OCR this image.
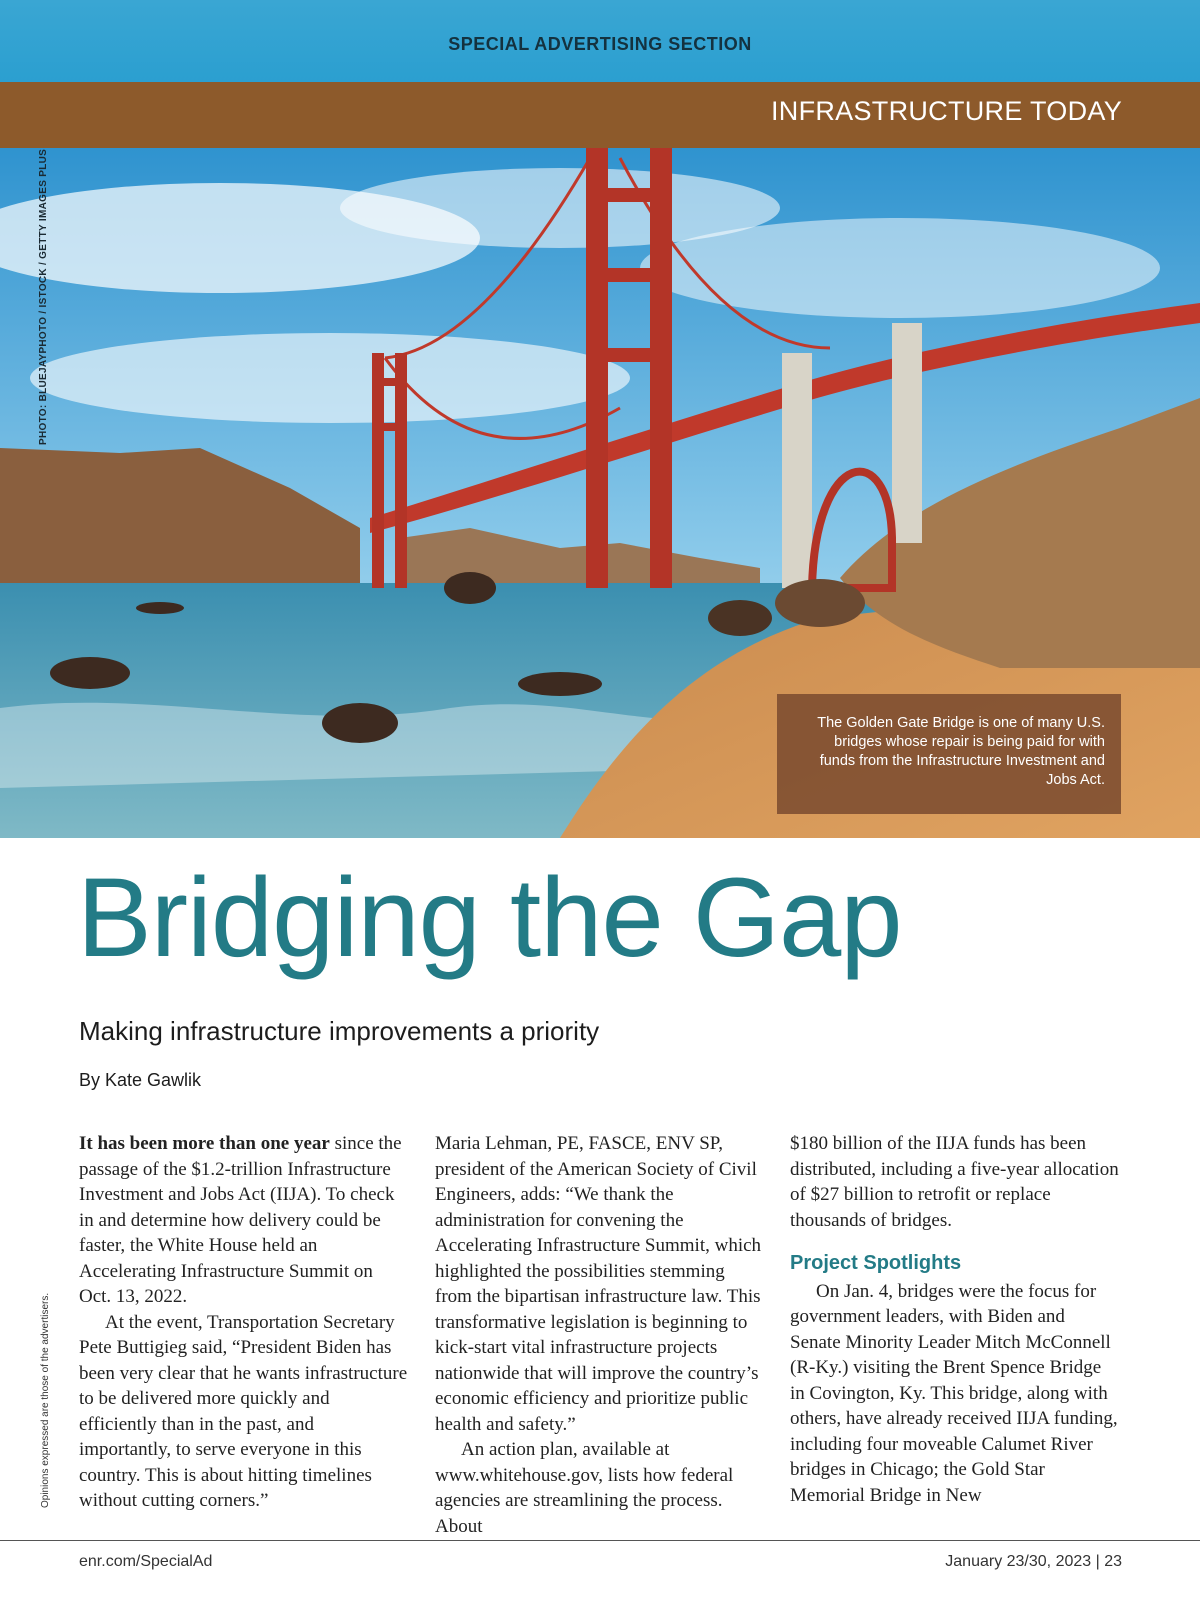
SPECIAL ADVERTISING SECTION
INFRASTRUCTURE TODAY
PHOTO: BLUEJAYPHOTO / ISTOCK / GETTY IMAGES PLUS
The Golden Gate Bridge is one of many U.S. bridges whose repair is being paid for with funds from the Infrastructure Investment and Jobs Act.
Bridging the Gap
Making infrastructure improvements a priority
By Kate Gawlik

It has been more than one year since the passage of the $1.2-trillion Infrastructure Investment and Jobs Act (IIJA). To check in and determine how delivery could be faster, the White House held an Accelerating Infrastructure Summit on Oct. 13, 2022.

At the event, Transportation Secretary Pete Buttigieg said, “President Biden has been very clear that he wants infrastructure to be delivered more quickly and efficiently than in the past, and importantly, to serve everyone in this country. This is about hitting timelines without cutting corners.”

Maria Lehman, PE, FASCE, ENV SP, president of the American Society of Civil Engineers, adds: “We thank the administration for convening the Accelerating Infrastructure Summit, which highlighted the possibilities stemming from the bipartisan infrastructure law. This transformative legislation is beginning to kick-start vital infrastructure projects nationwide that will improve the country’s economic efficiency and prioritize public health and safety.”

An action plan, available at www.whitehouse.gov, lists how federal agencies are streamlining the process. About

$180 billion of the IIJA funds has been distributed, including a five-year allocation of $27 billion to retrofit or replace thousands of bridges.

Project Spotlights

On Jan. 4, bridges were the focus for government leaders, with Biden and Senate Minority Leader Mitch McConnell (R-Ky.) visiting the Brent Spence Bridge in Covington, Ky. This bridge, along with others, have already received IIJA funding, including four moveable Calumet River bridges in Chicago; the Gold Star Memorial Bridge in New

Opinions expressed are those of the advertisers.
enr.com/SpecialAd	January 23/30, 2023 | 23
